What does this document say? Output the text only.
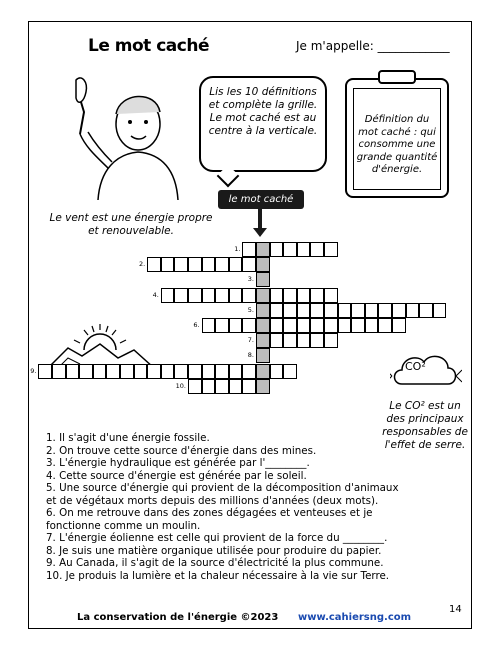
Le mot caché	Je m'appelle: ____________
Lis les 10 définitions et complète la grille. Le mot caché est au centre à la verticale.
Définition du mot caché : qui consomme une grande quantité d'énergie.
le mot caché
Le vent est une énergie propre et renouvelable.
CO²
Le CO² est un des principaux responsables de l'effet de serre.
1.
2.
3.
4.
5.
6.
7.
8.
9.
10.
1. Il s'agit d'une énergie fossile.
2. On trouve cette source d'énergie dans des mines.
3. L'énergie hydraulique est générée par l'________.
4. Cette source d'énergie est générée par le soleil.
5. Une source d'énergie qui provient de la décomposition d'animaux
et de végétaux morts depuis des millions d'années (deux mots).
6. On me retrouve dans des zones dégagées et venteuses et je
fonctionne comme un moulin.
7. L'énergie éolienne est celle qui provient de la force du ________.
8. Je suis une matière organique utilisée pour produire du papier.
9. Au Canada, il s'agit de la source d'électricité la plus commune.
10. Je produis la lumière et la chaleur nécessaire à la vie sur Terre.
La conservation de l'énergie ©2023 www.cahiersng.com
14
